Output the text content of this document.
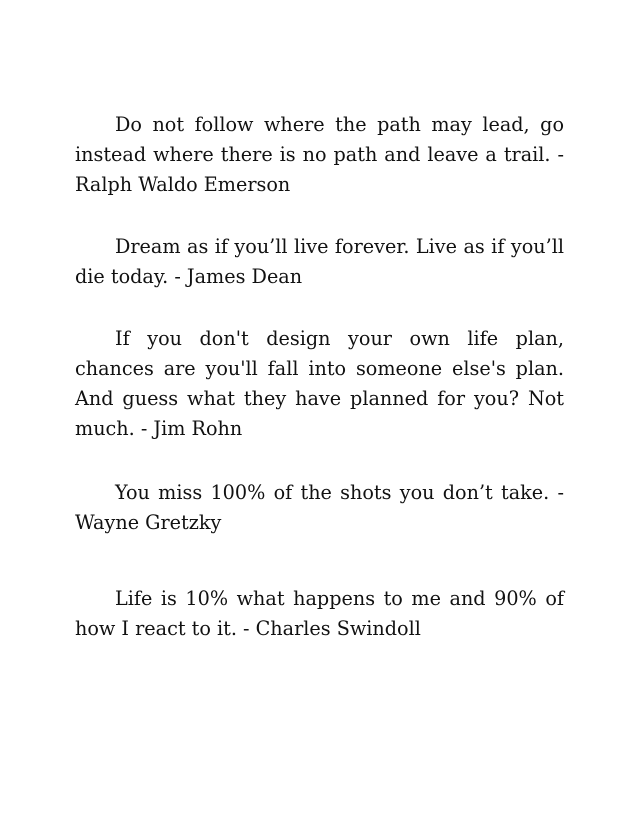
Do not follow where the path may lead, go instead where there is no path and leave a trail. - Ralph Waldo Emerson

Dream as if you’ll live forever. Live as if you’ll die today. - James Dean

If you don't design your own life plan, chances are you'll fall into someone else's plan. And guess what they have planned for you? Not much. - Jim Rohn

You miss 100% of the shots you don’t take. - Wayne Gretzky

Life is 10% what happens to me and 90% of how I react to it. - Charles Swindoll
